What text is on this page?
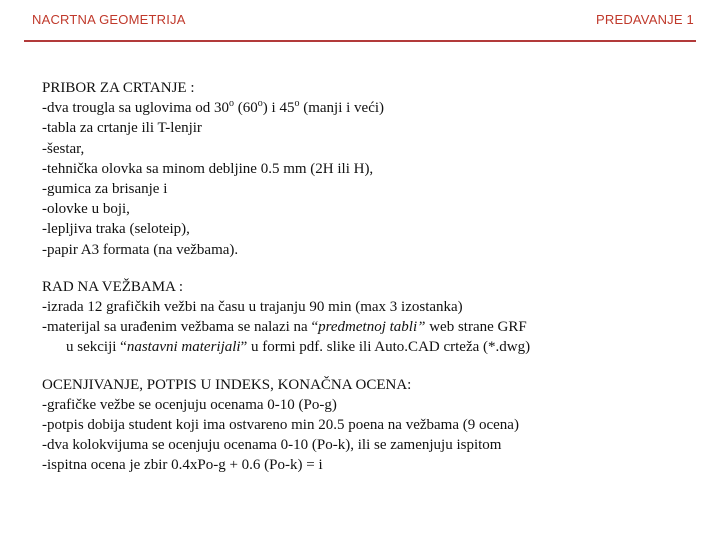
NACRTNA GEOMETRIJA	PREDAVANJE 1
PRIBOR ZA CRTANJE :
-dva trougla sa uglovima od 30$^o$ (60$^o$) i 45$^o$ (manji i veći)
-tabla za crtanje ili T-lenjir
-šestar,
-tehnička olovka sa minom debljine 0.5 mm (2H ili H),
-gumica za brisanje i
-olovke u boji,
-lepljiva traka (seloteip),
-papir A3 formata (na vežbama).
RAD NA VEŽBAMA :
-izrada 12 grafičkih vežbi na času u trajanju 90 min (max 3 izostanka)
-materijal sa urađenim vežbama se nalazi na “predmetnoj tabli” web strane GRF
u sekciji “nastavni materijali” u formi pdf. slike ili Auto.CAD crteža (*.dwg)
OCENJIVANJE, POTPIS U INDEKS, KONAČNA OCENA:
-grafičke vežbe se ocenjuju ocenama 0-10 (Po-g)
-potpis dobija student koji ima ostvareno min 20.5 poena na vežbama (9 ocena)
-dva kolokvijuma se ocenjuju ocenama 0-10 (Po-k), ili se zamenjuju ispitom
-ispitna ocena je zbir 0.4xPo-g + 0.6 (Po-k) = i
